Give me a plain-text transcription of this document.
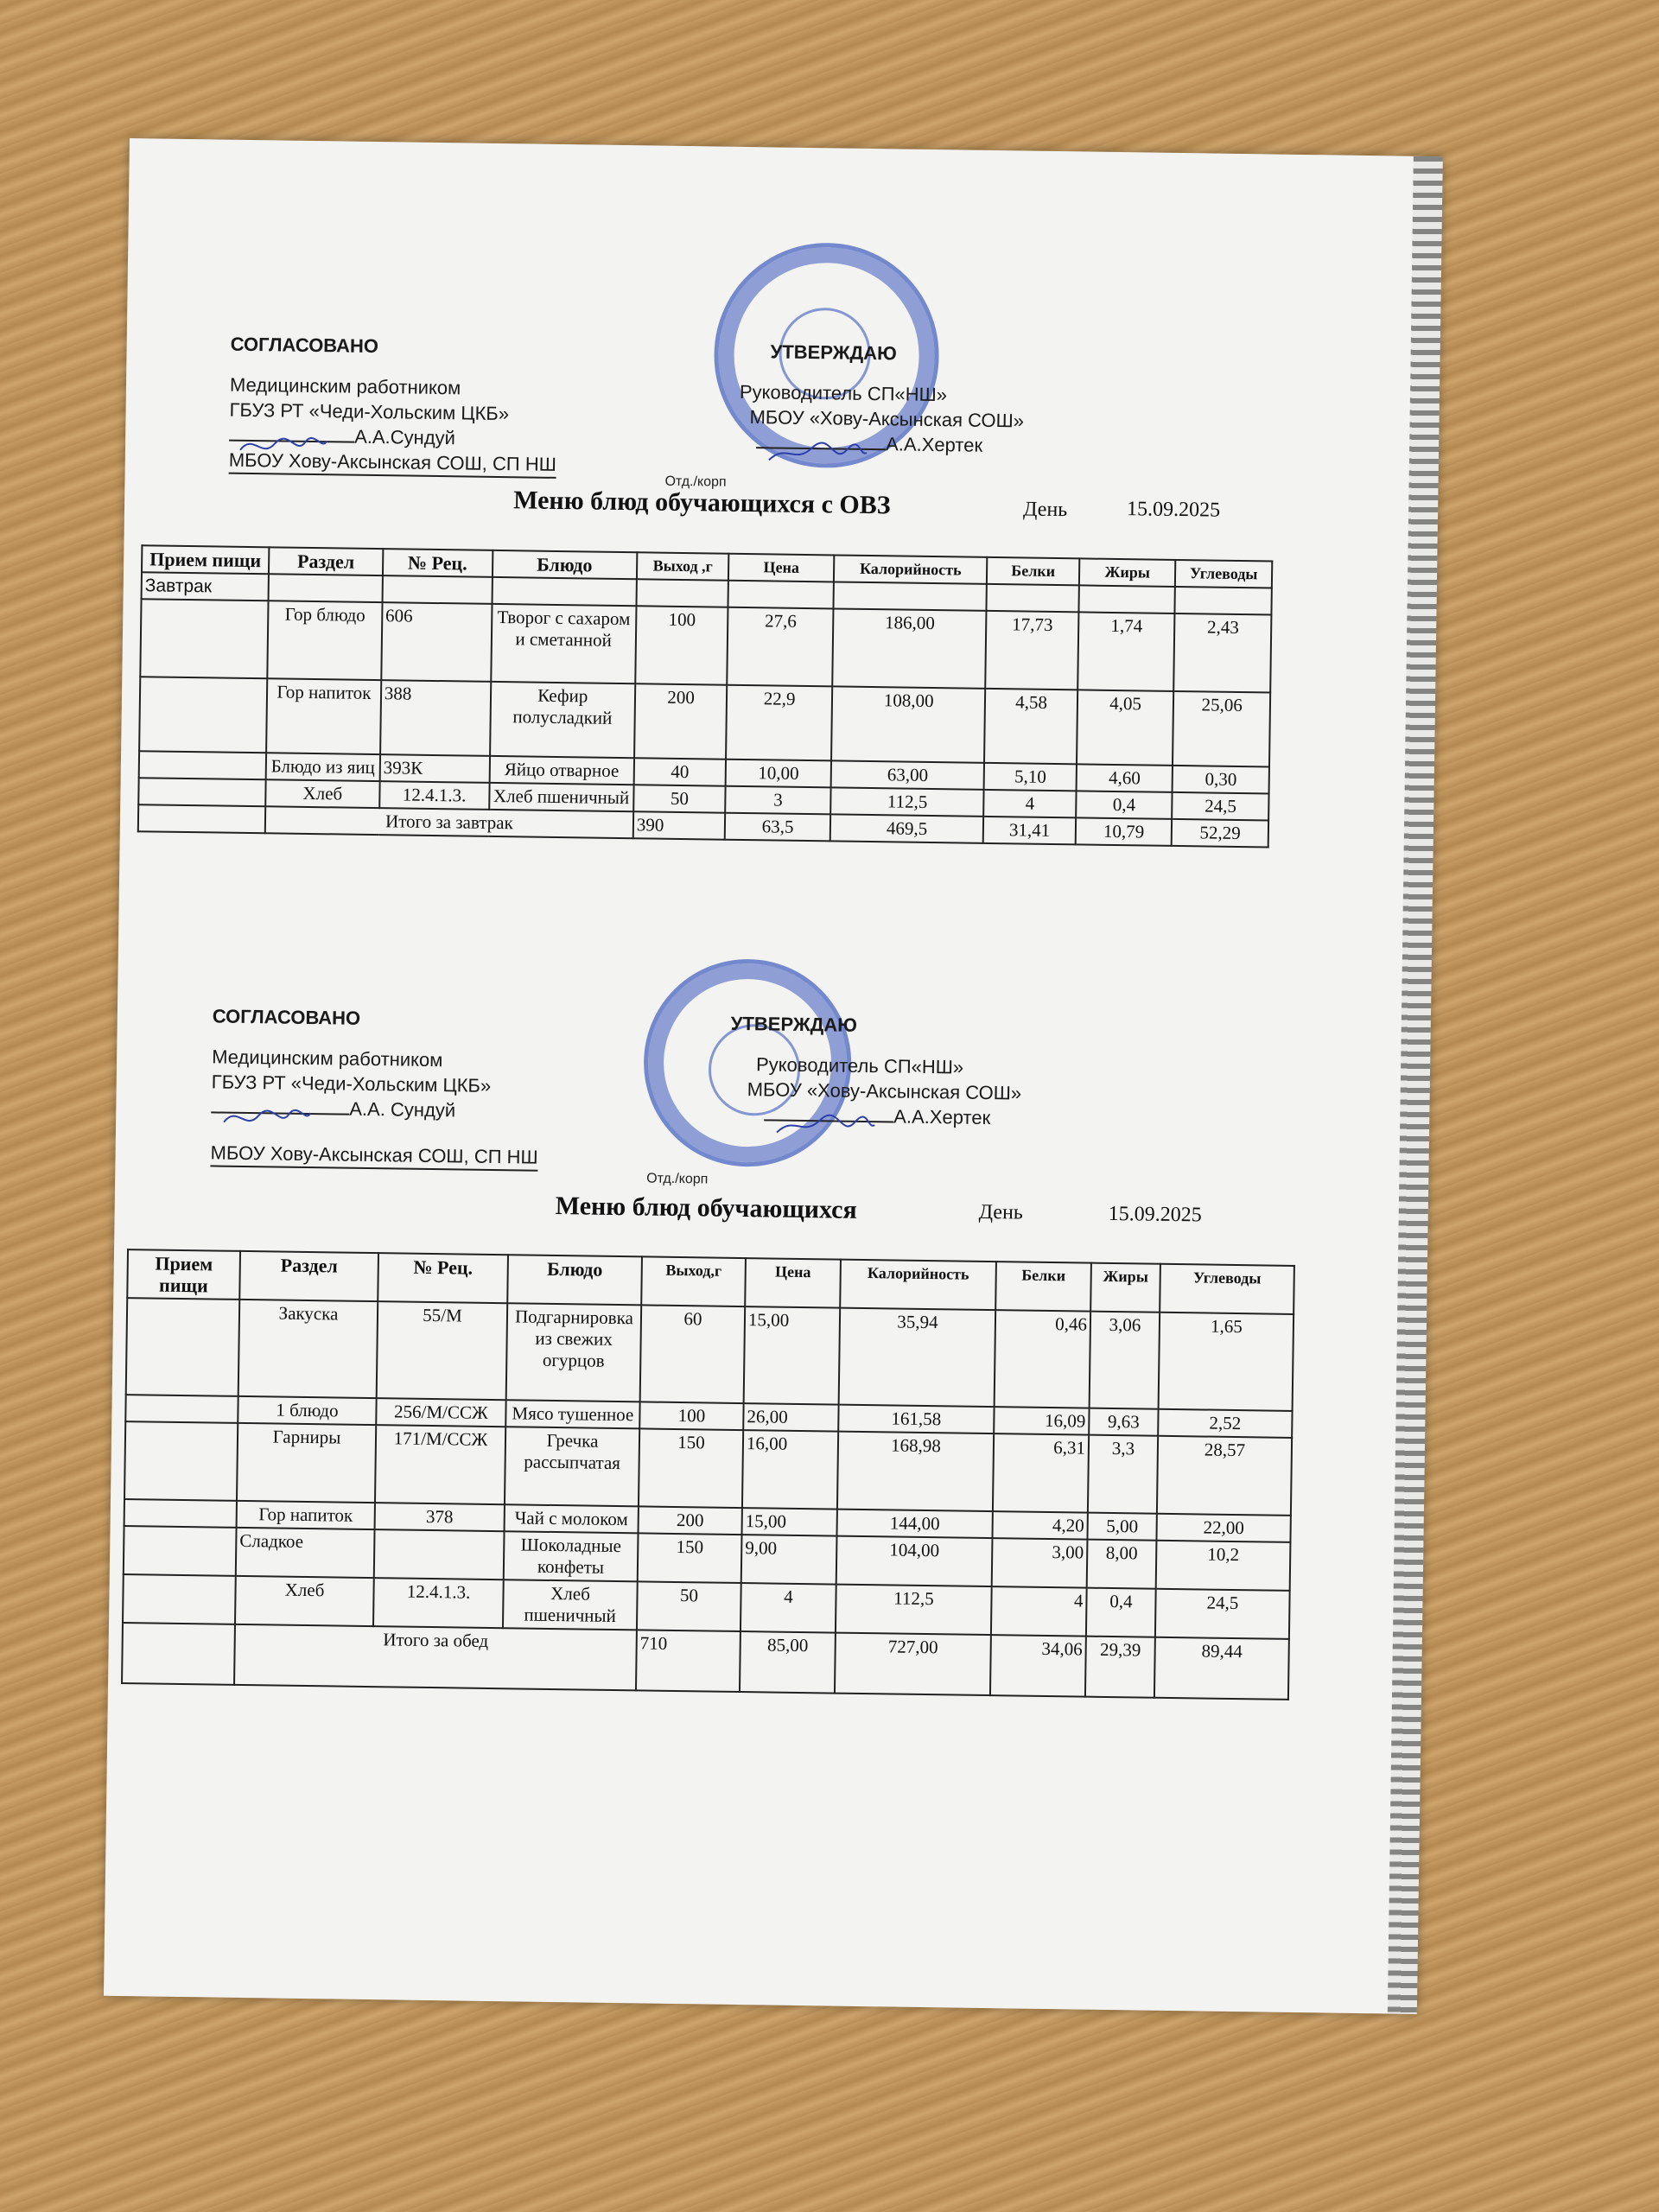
СОГЛАСОВАНО
Медицинским работником
ГБУЗ РТ «Чеди-Хольским ЦКБ»
А.А.Сундуй
МБОУ Хову-Аксынская СОШ, СП НШ
УТВЕРЖДАЮ
Руководитель СП«НШ»
МБОУ «Хову-Аксынская СОШ»
А.А.Хертек
Отд./корп
Меню блюд обучающихся с ОВЗ	День	15.09.2025
Прием пищи	Раздел	№ Рец.	Блюдо	Выход ,г	Цена	Калорийность	Белки	Жиры	Углеводы
Завтрак									
	Гор блюдо	606	Творог с сахаром и сметанной	100	27,6	186,00	17,73	1,74	2,43
	Гор напиток	388	Кефир полусладкий	200	22,9	108,00	4,58	4,05	25,06
	Блюдо из яиц	393К	Яйцо отварное	40	10,00	63,00	5,10	4,60	0,30
	Хлеб	12.4.1.3.	Хлеб пшеничный	50	3	112,5	4	0,4	24,5
	Итого за завтрак			390	63,5	469,5	31,41	10,79	52,29
СОГЛАСОВАНО
Медицинским работником
ГБУЗ РТ «Чеди-Хольским ЦКБ»
А.А. Сундуй
МБОУ Хову-Аксынская СОШ, СП НШ
УТВЕРЖДАЮ
Руководитель СП«НШ»
МБОУ «Хову-Аксынская СОШ»
А.А.Хертек
Отд./корп
Меню блюд обучающихся	День	15.09.2025
Прием пищи	Раздел	№ Рец.	Блюдо	Выход,г	Цена	Калорийность	Белки	Жиры	Углеводы
	Закуска	55/М	Подгарнировка из свежих огурцов	60	15,00	35,94	0,46	3,06	1,65
	1 блюдо	256/М/ССЖ	Мясо тушенное	100	26,00	161,58	16,09	9,63	2,52
	Гарниры	171/М/ССЖ	Гречка рассыпчатая	150	16,00	168,98	6,31	3,3	28,57
	Гор напиток	378	Чай с молоком	200	15,00	144,00	4,20	5,00	22,00
	Сладкое		Шоколадные конфеты	150	9,00	104,00	3,00	8,00	10,2
	Хлеб	12.4.1.3.	Хлеб пшеничный	50	4	112,5	4	0,4	24,5
	Итого за обед			710	85,00	727,00	34,06	29,39	89,44
